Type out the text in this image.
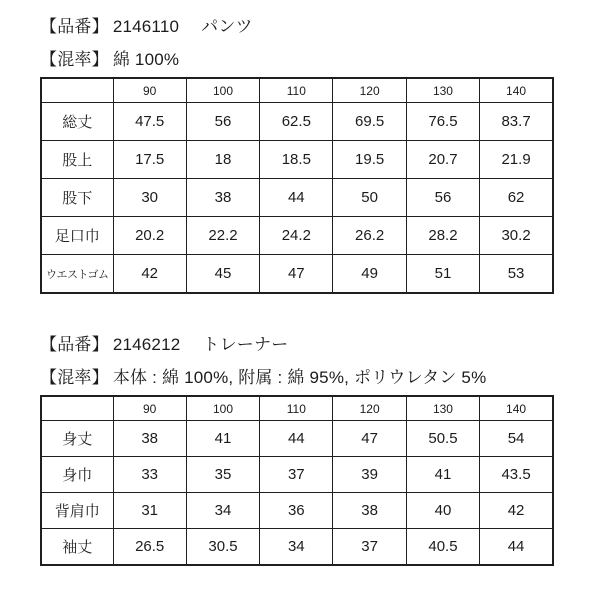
【品番】 2146110 パンツ
【混率】 綿 100%
	90	100	110	120	130	140
総丈	47.5	56	62.5	69.5	76.5	83.7
股上	17.5	18	18.5	19.5	20.7	21.9
股下	30	38	44	50	56	62
足口巾	20.2	22.2	24.2	26.2	28.2	30.2
ウエストゴム	42	45	47	49	51	53
【品番】 2146212 トレーナー
【混率】 本体 : 綿 100%, 附属 : 綿 95%, ポリウレタン 5%
	90	100	110	120	130	140
身丈	38	41	44	47	50.5	54
身巾	33	35	37	39	41	43.5
背肩巾	31	34	36	38	40	42
袖丈	26.5	30.5	34	37	40.5	44
